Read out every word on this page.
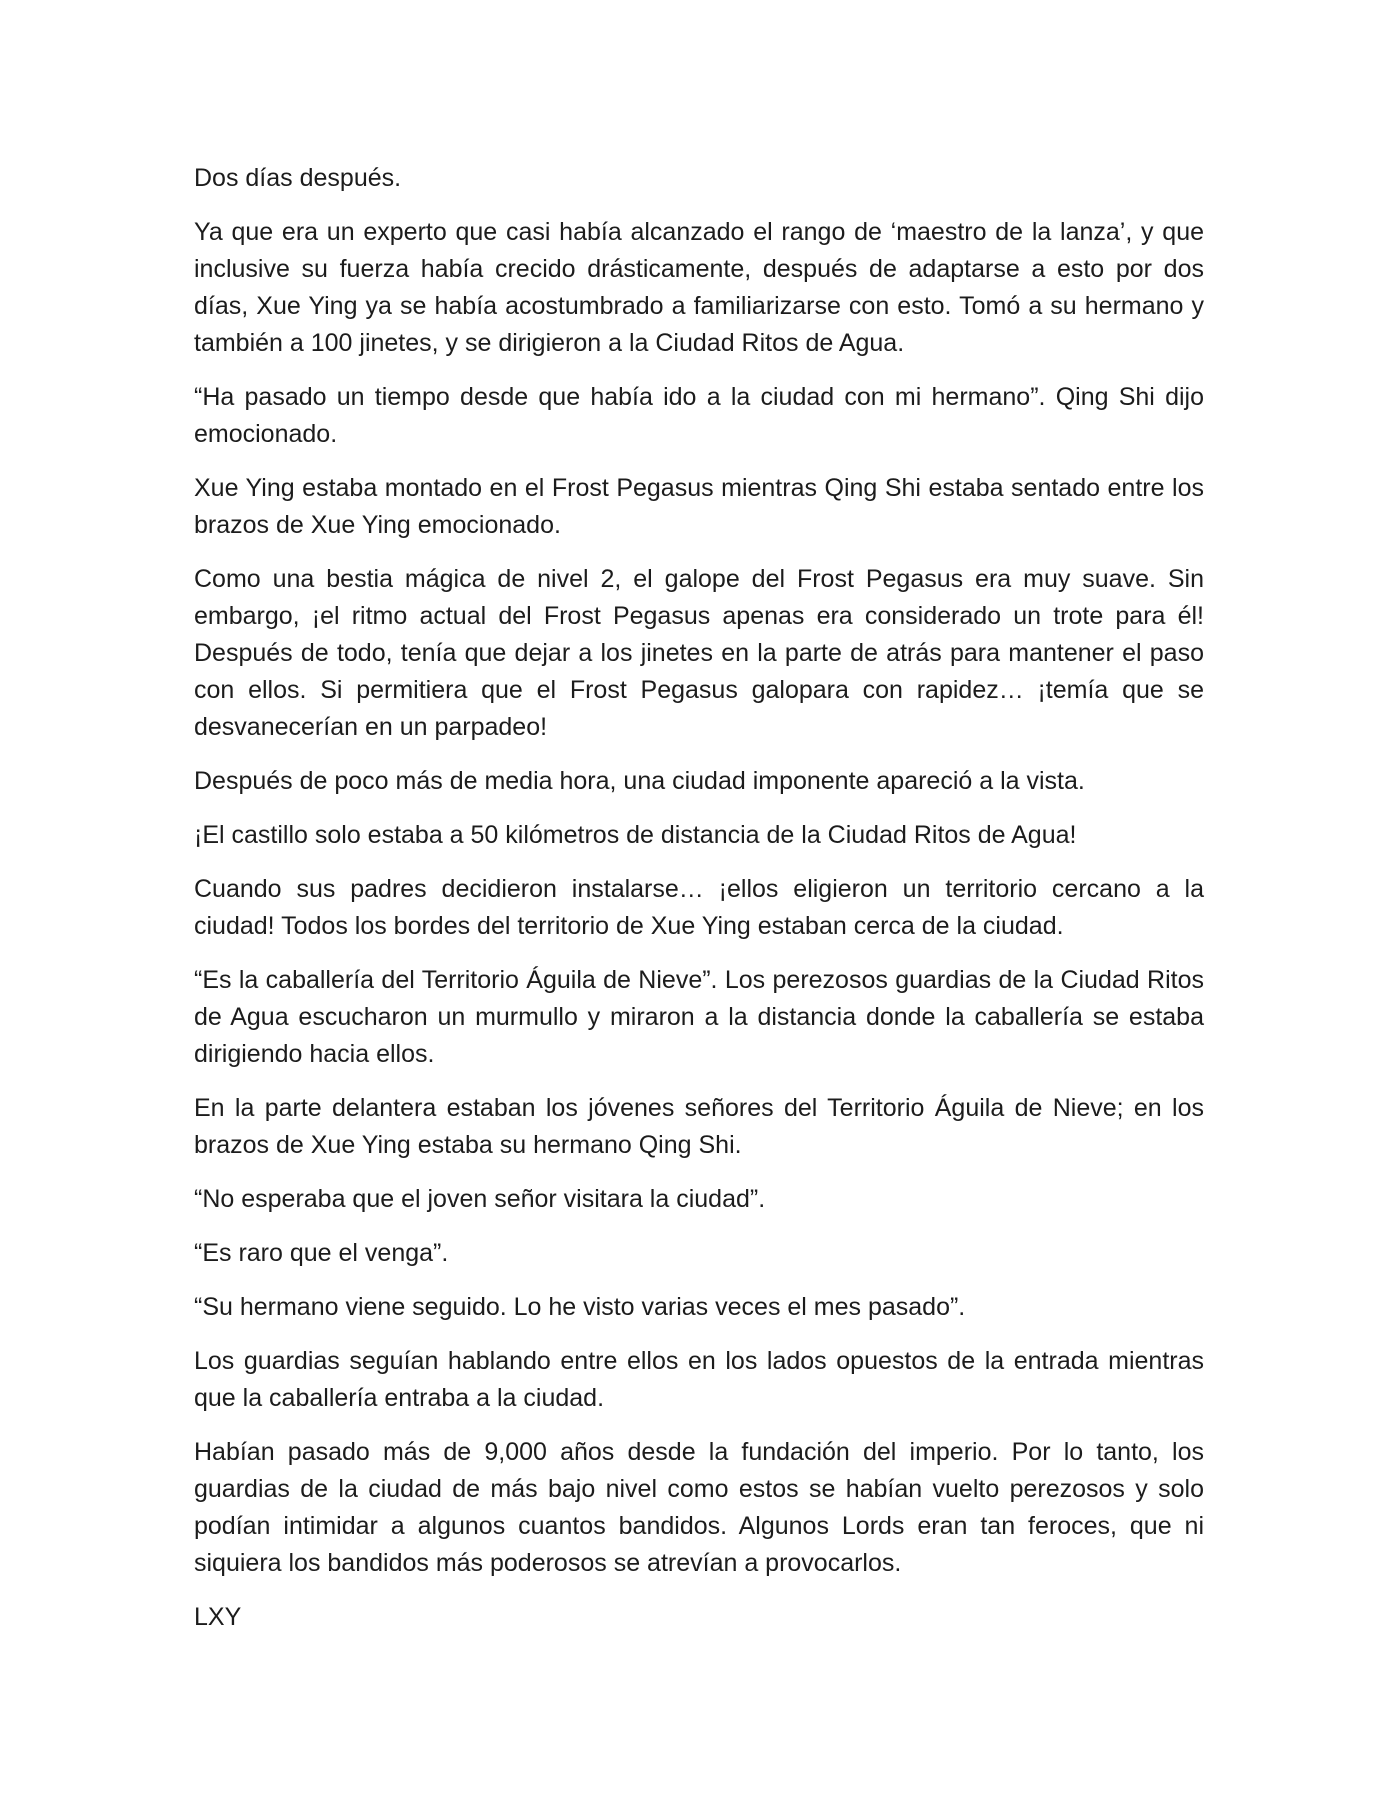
Dos días después.

Ya que era un experto que casi había alcanzado el rango de ‘maestro de la lanza’, y que inclusive su fuerza había crecido drásticamente, después de adaptarse a esto por dos días, Xue Ying ya se había acostumbrado a familiarizarse con esto. Tomó a su hermano y también a 100 jinetes, y se dirigieron a la Ciudad Ritos de Agua.

“Ha pasado un tiempo desde que había ido a la ciudad con mi hermano”. Qing Shi dijo emocionado.

Xue Ying estaba montado en el Frost Pegasus mientras Qing Shi estaba sentado entre los brazos de Xue Ying emocionado.

Como una bestia mágica de nivel 2, el galope del Frost Pegasus era muy suave. Sin embargo, ¡el ritmo actual del Frost Pegasus apenas era considerado un trote para él! Después de todo, tenía que dejar a los jinetes en la parte de atrás para mantener el paso con ellos. Si permitiera que el Frost Pegasus galopara con rapidez… ¡temía que se desvanecerían en un parpadeo!

Después de poco más de media hora, una ciudad imponente apareció a la vista.

¡El castillo solo estaba a 50 kilómetros de distancia de la Ciudad Ritos de Agua!

Cuando sus padres decidieron instalarse… ¡ellos eligieron un territorio cercano a la ciudad! Todos los bordes del territorio de Xue Ying estaban cerca de la ciudad.

“Es la caballería del Territorio Águila de Nieve”. Los perezosos guardias de la Ciudad Ritos de Agua escucharon un murmullo y miraron a la distancia donde la caballería se estaba dirigiendo hacia ellos.

En la parte delantera estaban los jóvenes señores del Territorio Águila de Nieve; en los brazos de Xue Ying estaba su hermano Qing Shi.

“No esperaba que el joven señor visitara la ciudad”.

“Es raro que el venga”.

“Su hermano viene seguido. Lo he visto varias veces el mes pasado”.

Los guardias seguían hablando entre ellos en los lados opuestos de la entrada mientras que la caballería entraba a la ciudad.

Habían pasado más de 9,000 años desde la fundación del imperio. Por lo tanto, los guardias de la ciudad de más bajo nivel como estos se habían vuelto perezosos y solo podían intimidar a algunos cuantos bandidos. Algunos Lords eran tan feroces, que ni siquiera los bandidos más poderosos se atrevían a provocarlos.

LXY
